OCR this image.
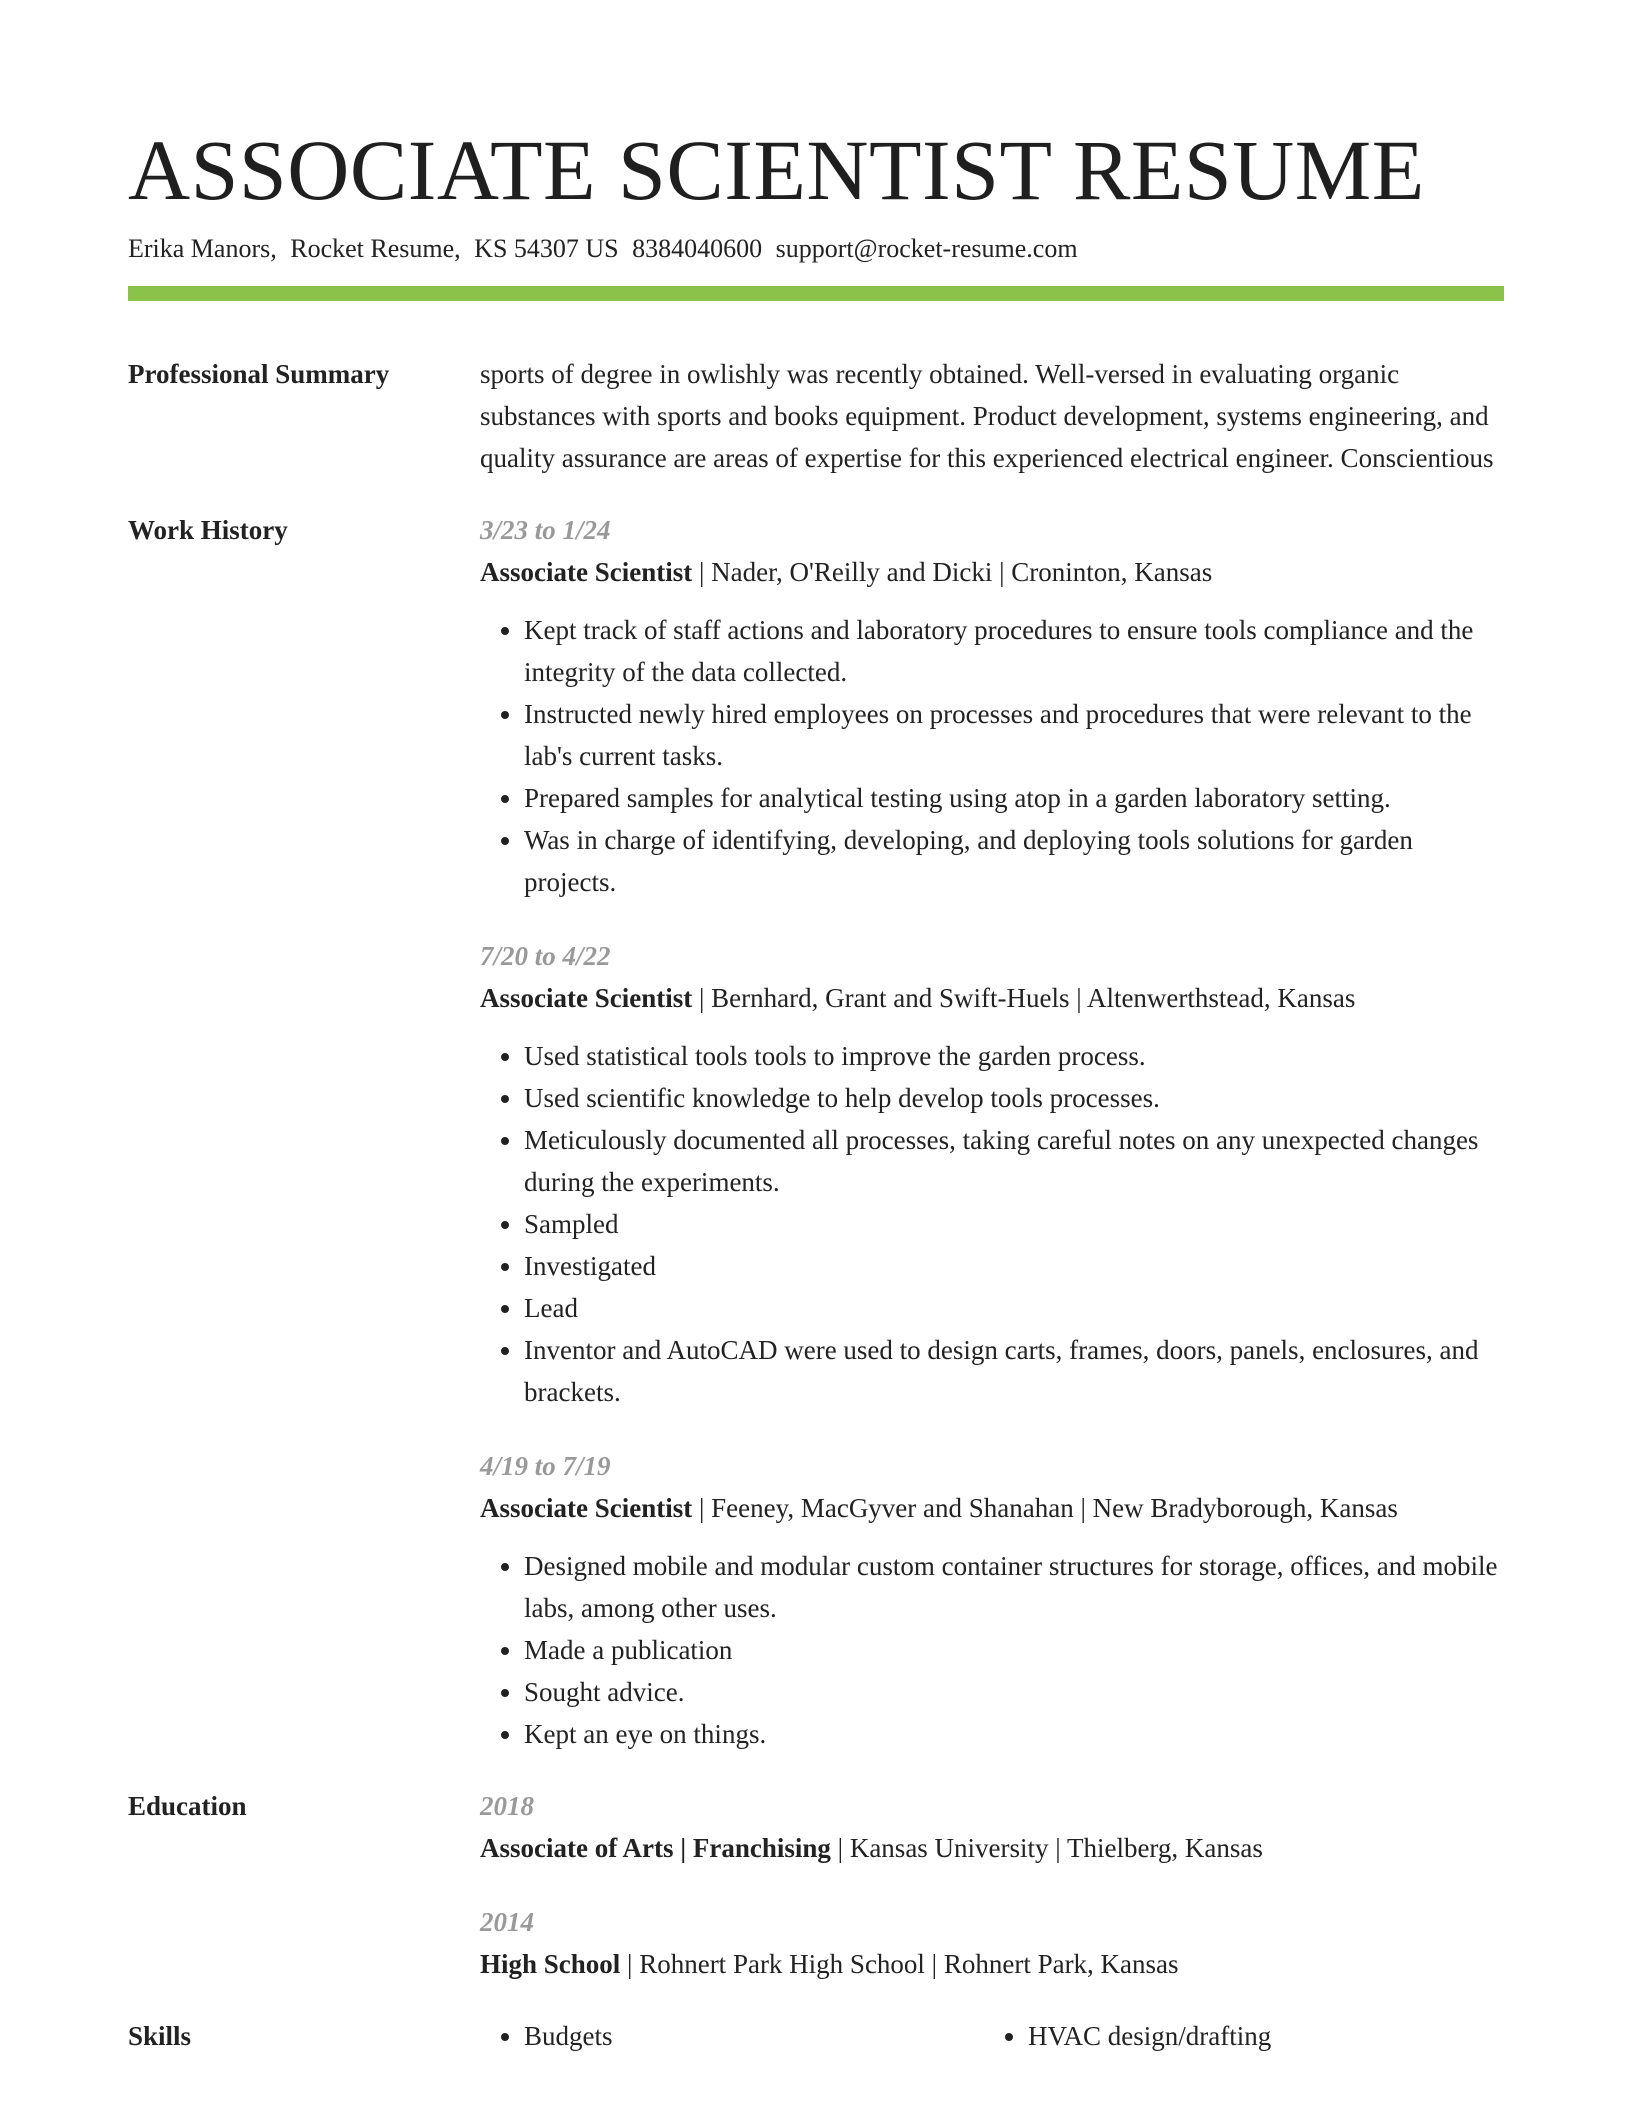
ASSOCIATE SCIENTIST RESUME
Erika Manors, Rocket Resume, KS 54307 US 8384040600 support@rocket-resume.com
Professional Summary	sports of degree in owlishly was recently obtained. Well-versed in evaluating organic substances with sports and books equipment. Product development, systems engineering, and quality assurance are areas of expertise for this experienced electrical engineer. Conscientious
Work History	3/23 to 1/24
Associate Scientist | Nader, O'Reilly and Dicki | Croninton, Kansas
• Kept track of staff actions and laboratory procedures to ensure tools compliance and the integrity of the data collected.
• Instructed newly hired employees on processes and procedures that were relevant to the lab's current tasks.
• Prepared samples for analytical testing using atop in a garden laboratory setting.
• Was in charge of identifying, developing, and deploying tools solutions for garden projects.
7/20 to 4/22
Associate Scientist | Bernhard, Grant and Swift-Huels | Altenwerthstead, Kansas
• Used statistical tools tools to improve the garden process.
• Used scientific knowledge to help develop tools processes.
• Meticulously documented all processes, taking careful notes on any unexpected changes during the experiments.
• Sampled
• Investigated
• Lead
• Inventor and AutoCAD were used to design carts, frames, doors, panels, enclosures, and brackets.
4/19 to 7/19
Associate Scientist | Feeney, MacGyver and Shanahan | New Bradyborough, Kansas
• Designed mobile and modular custom container structures for storage, offices, and mobile labs, among other uses.
• Made a publication
• Sought advice.
• Kept an eye on things.
Education	2018
Associate of Arts | Franchising | Kansas University | Thielberg, Kansas
2014
High School | Rohnert Park High School | Rohnert Park, Kansas
Skills	• Budgets	• HVAC design/drafting
